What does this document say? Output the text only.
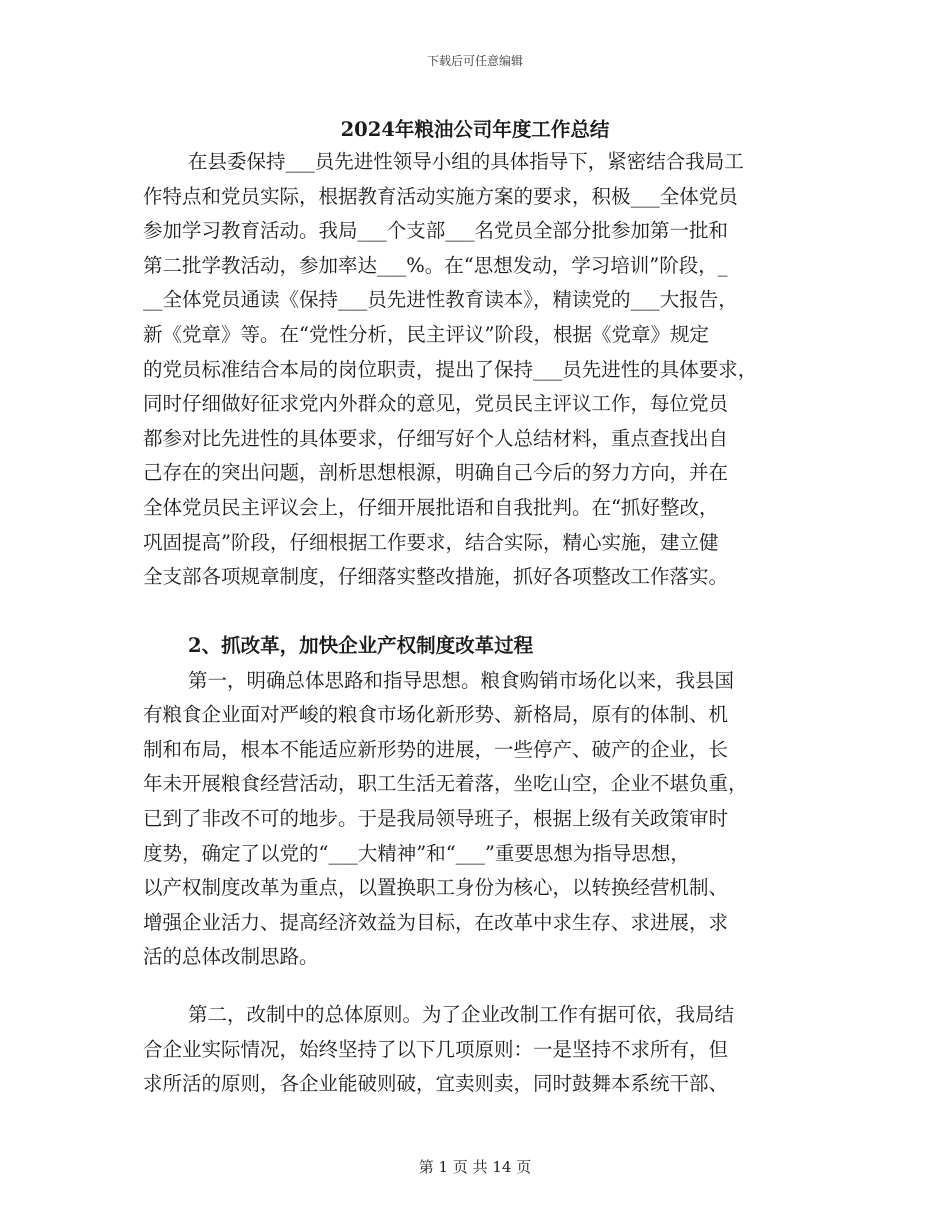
下载后可任意编辑
2024年粮油公司年度工作总结
在县委保持___员先进性领导小组的具体指导下，紧密结合我局工
作特点和党员实际，根据教育活动实施方案的要求，积极___全体党员
参加学习教育活动。我局___个支部___名党员全部分批参加第一批和
第二批学教活动，参加率达___%。在“思想发动，学习培训”阶段，_
__全体党员通读《保持___员先进性教育读本》，精读党的___大报告，
新《党章》等。在“党性分析，民主评议”阶段，根据《党章》规定
的党员标准结合本局的岗位职责，提出了保持___员先进性的具体要求，
同时仔细做好征求党内外群众的意见，党员民主评议工作，每位党员
都参对比先进性的具体要求，仔细写好个人总结材料，重点查找出自
己存在的突出问题，剖析思想根源，明确自己今后的努力方向，并在
全体党员民主评议会上，仔细开展批语和自我批判。在“抓好整改，
巩固提高”阶段，仔细根据工作要求，结合实际，精心实施，建立健
全支部各项规章制度，仔细落实整改措施，抓好各项整改工作落实。
2、抓改革，加快企业产权制度改革过程
第一，明确总体思路和指导思想。粮食购销市场化以来，我县国
有粮食企业面对严峻的粮食市场化新形势、新格局，原有的体制、机
制和布局，根本不能适应新形势的进展，一些停产、破产的企业，长
年未开展粮食经营活动，职工生活无着落，坐吃山空，企业不堪负重，
已到了非改不可的地步。于是我局领导班子，根据上级有关政策审时
度势，确定了以党的“___大精神”和“___”重要思想为指导思想，
以产权制度改革为重点，以置换职工身份为核心，以转换经营机制、
增强企业活力、提高经济效益为目标，在改革中求生存、求进展，求
活的总体改制思路。
第二，改制中的总体原则。为了企业改制工作有据可依，我局结
合企业实际情况，始终坚持了以下几项原则：一是坚持不求所有，但
求所活的原则，各企业能破则破，宜卖则卖，同时鼓舞本系统干部、
第 1 页 共 14 页
